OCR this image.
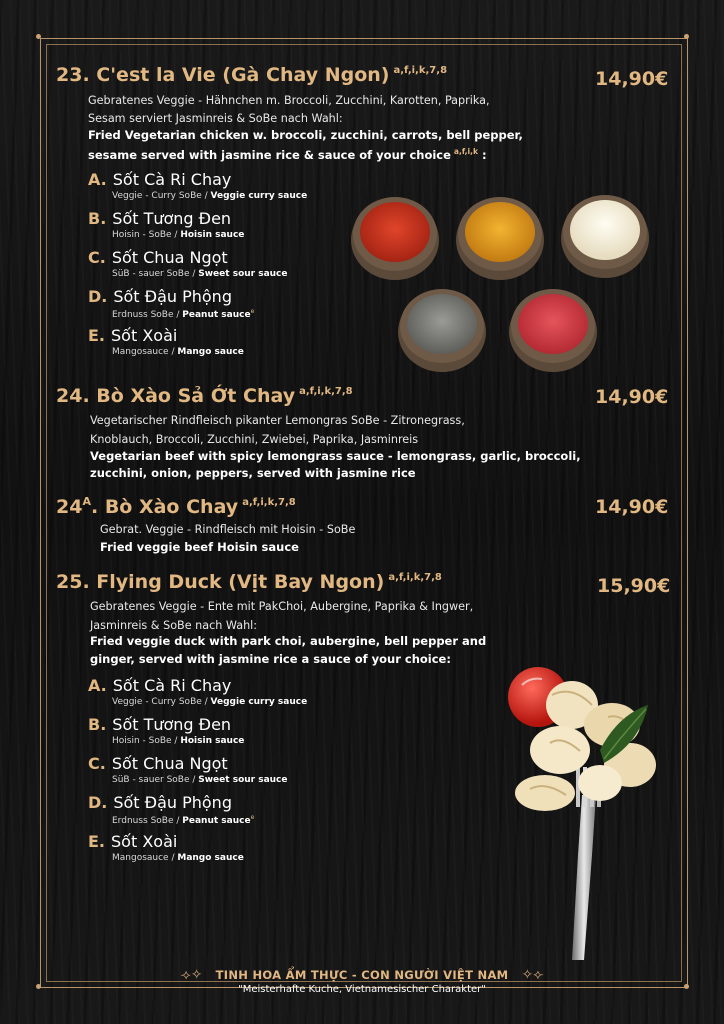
23. C'est la Vie (Gà Chay Ngon) $^{a,f,i,k,7,8}$	14,90€
Gebratenes Veggie - Hähnchen m. Broccoli, Zucchini, Karotten, Paprika,
Sesam serviert Jasminreis & SoBe nach Wahl:
Fried Vegetarian chicken w. broccoli, zucchini, carrots, bell pepper,
sesame served with jasmine rice & sauce of your choice $^{a,f,i,k}$ :
A. Sốt Cà Ri Chay
Veggie - Curry SoBe / Veggie curry sauce
B. Sốt Tương Đen
Hoisin - SoBe / Hoisin sauce
C. Sốt Chua Ngọt
SüB - sauer SoBe / Sweet sour sauce
D. Sốt Đậu Phộng
Erdnuss SoBe / Peanut sauce$^e$
E. Sốt Xoài
Mangosauce / Mango sauce
24. Bò Xào Sả Ớt Chay $^{a,f,i,k,7,8}$	14,90€
Vegetarischer Rindfleisch pikanter Lemongras SoBe - Zitronegrass,
Knoblauch, Broccoli, Zucchini, Zwiebei, Paprika, Jasminreis
Vegetarian beef with spicy lemongrass sauce - lemongrass, garlic, broccoli,
zucchini, onion, peppers, served with jasmine rice
$24^A$. Bò Xào Chay $^{a,f,i,k,7,8}$	14,90€
Gebrat. Veggie - Rindfleisch mit Hoisin - SoBe
Fried veggie beef Hoisin sauce
25. Flying Duck (Vịt Bay Ngon) $^{a,f,i,k,7,8}$	15,90€
Gebratenes Veggie - Ente mit PakChoi, Aubergine, Paprika & Ingwer,
Jasminreis & SoBe nach Wahl:
Fried veggie duck with park choi, aubergine, bell pepper and
ginger, served with jasmine rice a sauce of your choice:
A. Sốt Cà Ri Chay
Veggie - Curry SoBe / Veggie curry sauce
B. Sốt Tương Đen
Hoisin - SoBe / Hoisin sauce
C. Sốt Chua Ngọt
SüB - sauer SoBe / Sweet sour sauce
D. Sốt Đậu Phộng
Erdnuss SoBe / Peanut sauce$^e$
E. Sốt Xoài
Mangosauce / Mango sauce
⟢✧ TINH HOA ẨM THỰC - CON NGƯỜI VIỆT NAM ✧⟣
"Meisterhafte Kuche, Vietnamesischer Charakter"
